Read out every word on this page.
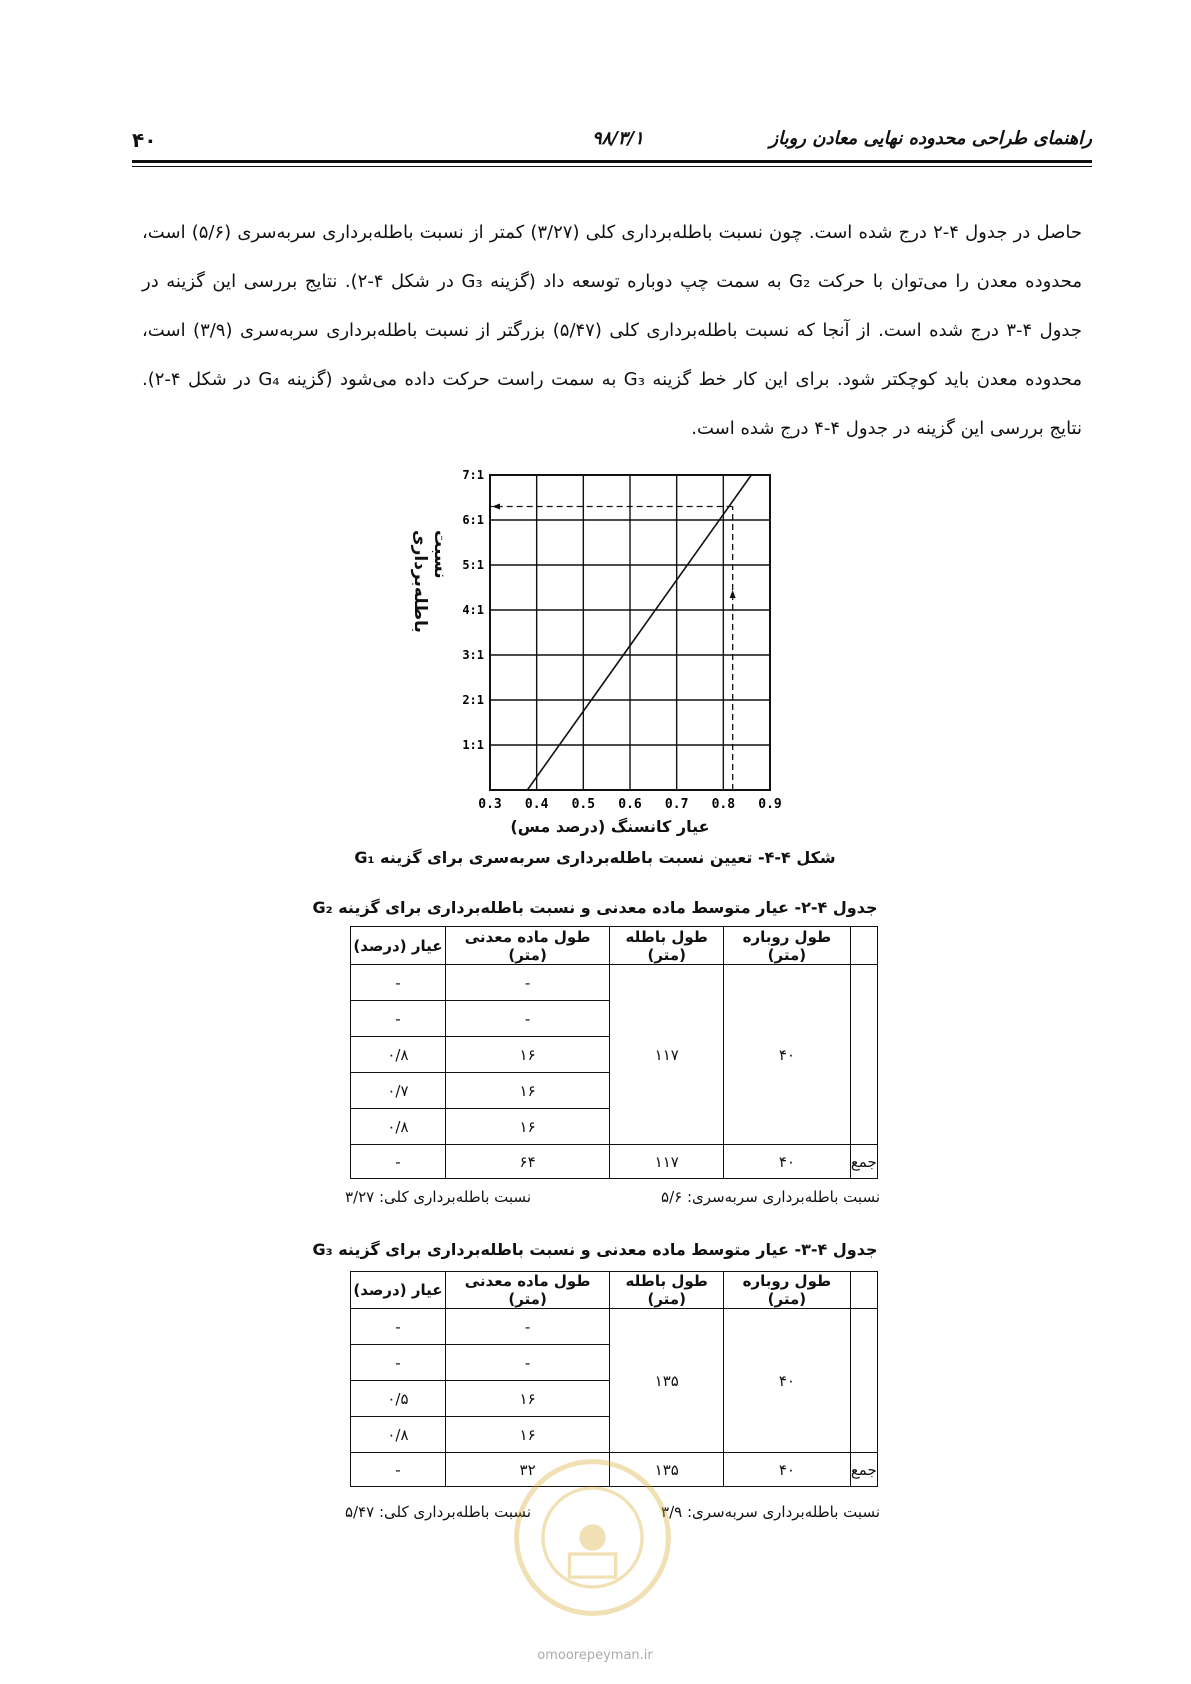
۴۰	۹۸/۳/۱	راهنمای طراحی محدوده نهایی معادن روباز
حاصل در جدول ۴-۲ درج شده است. چون نسبت باطله‌برداری کلی (۳/۲۷) کمتر از نسبت باطله‌برداری سربه‌سری (۵/۶) است، محدوده معدن را می‌توان با حرکت G₂ به سمت چپ دوباره توسعه داد (گزینه G₃ در شکل ۴-۲). نتایج بررسی این گزینه در جدول ۴-۳ درج شده است. از آنجا که نسبت باطله‌برداری کلی (۵/۴۷) بزرگتر از نسبت باطله‌برداری سربه‌سری (۳/۹) است، محدوده معدن باید کوچکتر شود. برای این کار خط گزینه G₃ به سمت راست حرکت داده می‌شود (گزینه G₄ در شکل ۴-۲). نتایج بررسی این گزینه در جدول ۴-۴ درج شده است.
نسبت باطله‌برداری
0.3 0.4 0.5 0.6 0.7 0.8 0.9
1:1
2:1
3:1
4:1
5:1
6:1
7:1
عیار کانسنگ (درصد مس)
شکل ۴-۴- تعیین نسبت باطله‌برداری سربه‌سری برای گزینه G₁
جدول ۴-۲- عیار متوسط ماده معدنی و نسبت باطله‌برداری برای گزینه G₂
	طول روباره (متر)	طول باطله (متر)	طول ماده معدنی (متر)	عیار (درصد)
	۴۰	۱۱۷	-	-
			-	-
			۱۶	۰/۸
			۱۶	۰/۷
			۱۶	۰/۸
جمع	۴۰	۱۱۷	۶۴	-
نسبت باطله‌برداری سربه‌سری: ۵/۶
نسبت باطله‌برداری کلی: ۳/۲۷
جدول ۴-۳- عیار متوسط ماده معدنی و نسبت باطله‌برداری برای گزینه G₃
	طول روباره (متر)	طول باطله (متر)	طول ماده معدنی (متر)	عیار (درصد)
	۴۰	۱۳۵	-	-
			-	-
			۱۶	۰/۵
			۱۶	۰/۸
جمع	۴۰	۱۳۵	۳۲	-
نسبت باطله‌برداری سربه‌سری: ۳/۹
نسبت باطله‌برداری کلی: ۵/۴۷
omoorepeyman.ir
